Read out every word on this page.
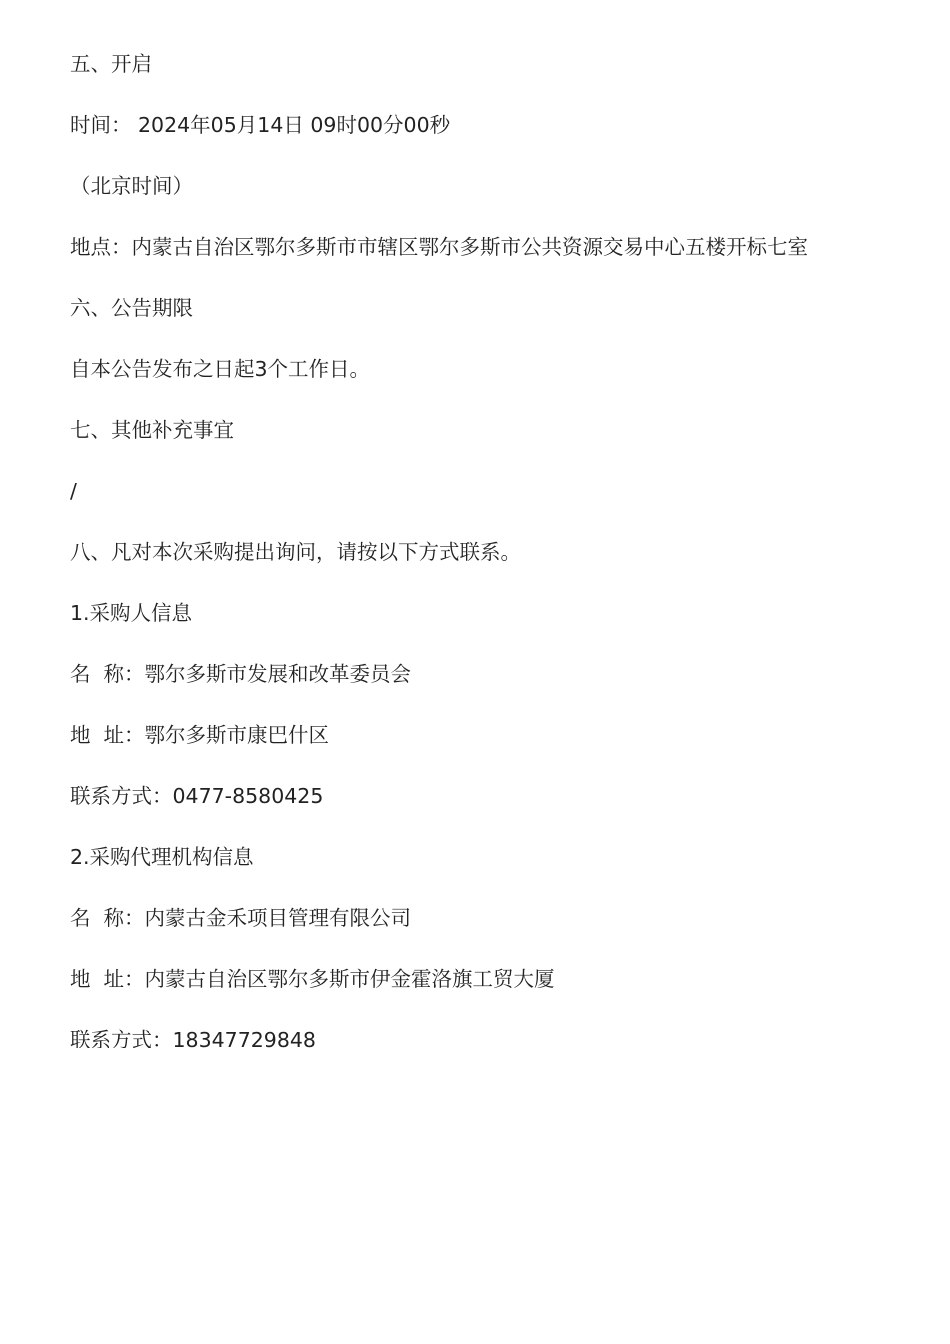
五、开启
时间： 2024年05月14日 09时00分00秒
（北京时间）
地点：内蒙古自治区鄂尔多斯市市辖区鄂尔多斯市公共资源交易中心五楼开标七室
六、公告期限
自本公告发布之日起3个工作日。
七、其他补充事宜
/
八、凡对本次采购提出询问，请按以下方式联系。
1.采购人信息
名  称：鄂尔多斯市发展和改革委员会
地  址：鄂尔多斯市康巴什区
联系方式：0477-8580425
2.采购代理机构信息
名  称：内蒙古金禾项目管理有限公司
地  址：内蒙古自治区鄂尔多斯市伊金霍洛旗工贸大厦
联系方式：18347729848
